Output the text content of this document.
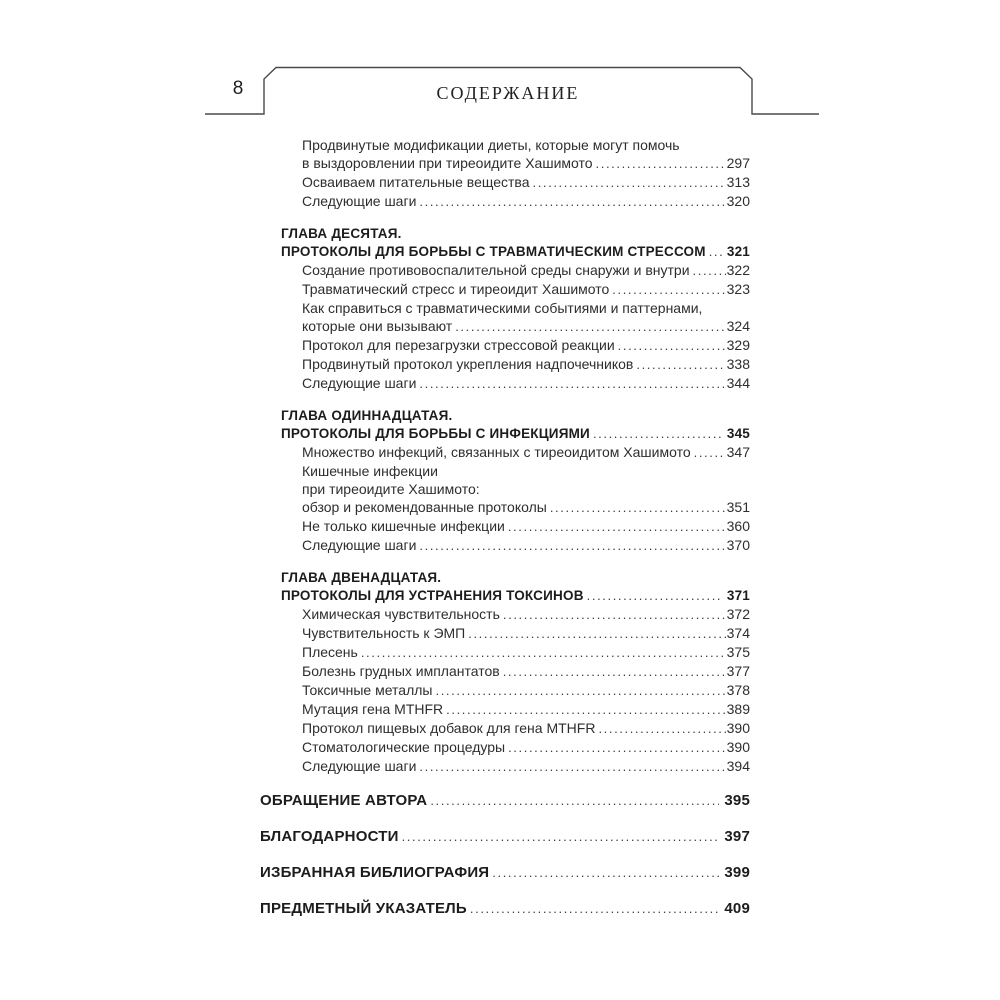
8	СОДЕРЖАНИЕ
Продвинутые модификации диеты, которые могут помочь
в выздоровлении при тиреоидите Хашимото .....	297
Осваиваем питательные вещества .....	313
Следующие шаги .....	320
ГЛАВА ДЕСЯТАЯ.
ПРОТОКОЛЫ ДЛЯ БОРЬБЫ С ТРАВМАТИЧЕСКИМ СТРЕССОМ ..... 321
Создание противовоспалительной среды снаружи и внутри .....	322
Травматический стресс и тиреоидит Хашимото .....	323
Как справиться с травматическими событиями и паттернами,
которые они вызывают .....	324
Протокол для перезагрузки стрессовой реакции .....	329
Продвинутый протокол укрепления надпочечников .....	338
Следующие шаги .....	344
ГЛАВА ОДИННАДЦАТАЯ.
ПРОТОКОЛЫ ДЛЯ БОРЬБЫ С ИНФЕКЦИЯМИ .....	345
Множество инфекций, связанных с тиреоидитом Хашимото .....	347
Кишечные инфекции
при тиреоидите Хашимото:
обзор и рекомендованные протоколы .....	351
Не только кишечные инфекции .....	360
Следующие шаги .....	370
ГЛАВА ДВЕНАДЦАТАЯ.
ПРОТОКОЛЫ ДЛЯ УСТРАНЕНИЯ ТОКСИНОВ .....	371
Химическая чувствительность .....	372
Чувствительность к ЭМП .....	374
Плесень .....	375
Болезнь грудных имплантатов .....	377
Токсичные металлы .....	378
Мутация гена MTHFR .....	389
Протокол пищевых добавок для гена MTHFR .....	390
Стоматологические процедуры .....	390
Следующие шаги .....	394
ОБРАЩЕНИЕ АВТОРА .....	395
БЛАГОДАРНОСТИ .....	397
ИЗБРАННАЯ БИБЛИОГРАФИЯ .....	399
ПРЕДМЕТНЫЙ УКАЗАТЕЛЬ .....	409
